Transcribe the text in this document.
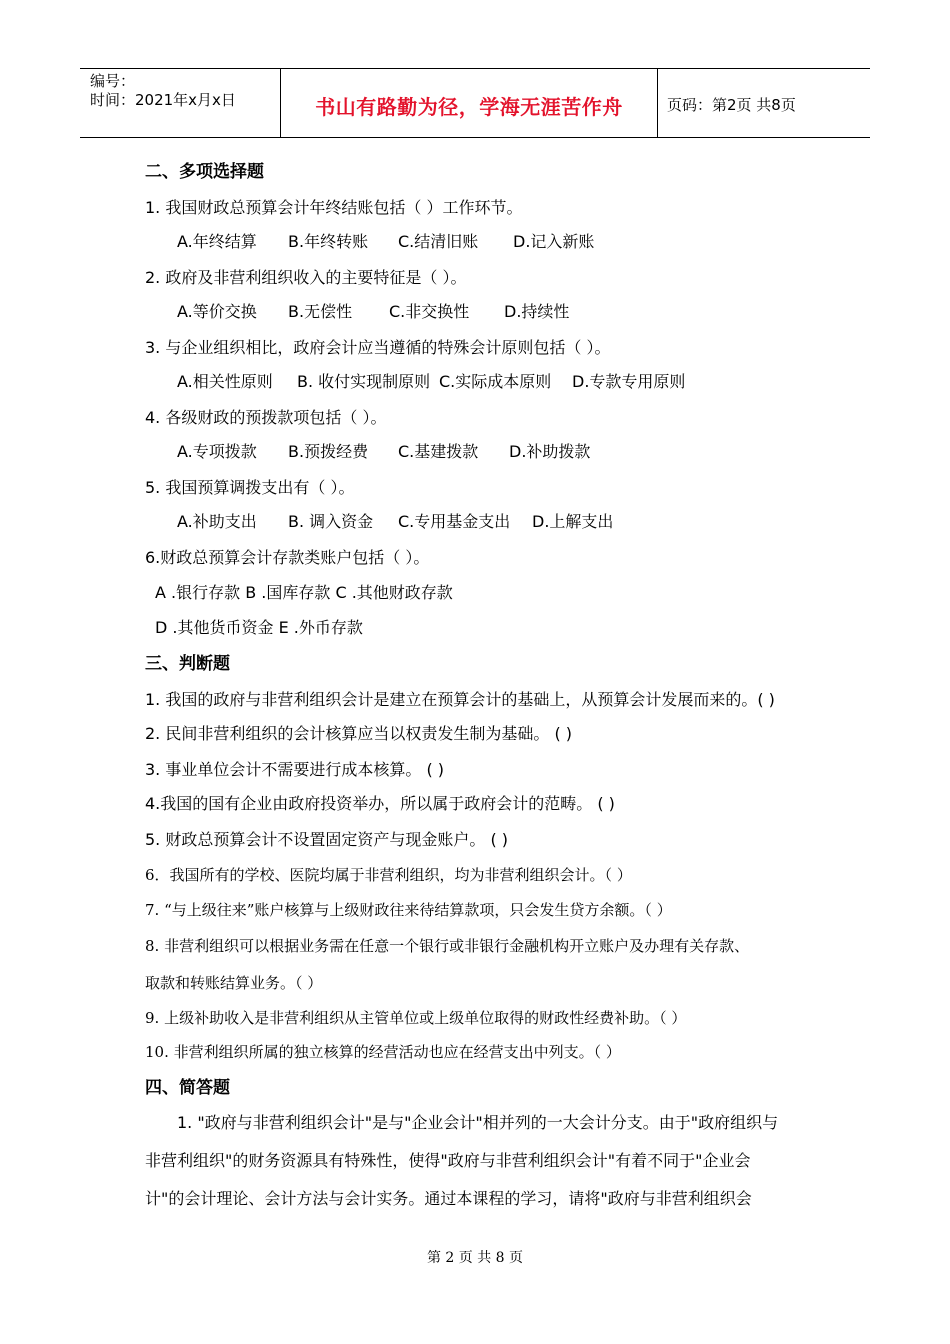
编号：
时间：2021年x月x日	书山有路勤为径，学海无涯苦作舟	页码：第2页 共8页
二、多项选择题
1. 我国财政总预算会计年终结账包括（ ）工作环节。
A.年终结算 B.年终转账 C.结清旧账 D.记入新账
2. 政府及非营利组织收入的主要特征是（ ）。
A.等价交换 B.无偿性 C.非交换性 D.持续性
3. 与企业组织相比，政府会计应当遵循的特殊会计原则包括（ ）。
A.相关性原则 B. 收付实现制原则 C.实际成本原则 D.专款专用原则
4. 各级财政的预拨款项包括（ ）。
A.专项拨款 B.预拨经费 C.基建拨款 D.补助拨款
5. 我国预算调拨支出有（ ）。
A.补助支出 B. 调入资金 C.专用基金支出 D.上解支出
6.财政总预算会计存款类账户包括（ ）。
A .银行存款 B .国库存款 C .其他财政存款
D .其他货币资金 E .外币存款
三、判断题
1. 我国的政府与非营利组织会计是建立在预算会计的基础上，从预算会计发展而来的。( )
2. 民间非营利组织的会计核算应当以权责发生制为基础。 ( )
3. 事业单位会计不需要进行成本核算。 ( )
4.我国的国有企业由政府投资举办，所以属于政府会计的范畴。 ( )
5. 财政总预算会计不设置固定资产与现金账户。 ( )
6．我国所有的学校、医院均属于非营利组织，均为非营利组织会计。（ ）
7. “与上级往来”账户核算与上级财政往来待结算款项，只会发生贷方余额。（ ）
8. 非营利组织可以根据业务需在任意一个银行或非银行金融机构开立账户及办理有关存款、
取款和转账结算业务。（ ）
9. 上级补助收入是非营利组织从主管单位或上级单位取得的财政性经费补助。（ ）
10. 非营利组织所属的独立核算的经营活动也应在经营支出中列支。（ ）
四、简答题
1. "政府与非营利组织会计"是与"企业会计"相并列的一大会计分支。由于"政府组织与
非营利组织"的财务资源具有特殊性，使得"政府与非营利组织会计"有着不同于"企业会
计"的会计理论、会计方法与会计实务。通过本课程的学习，请将"政府与非营利组织会
第 2 页 共 8 页
